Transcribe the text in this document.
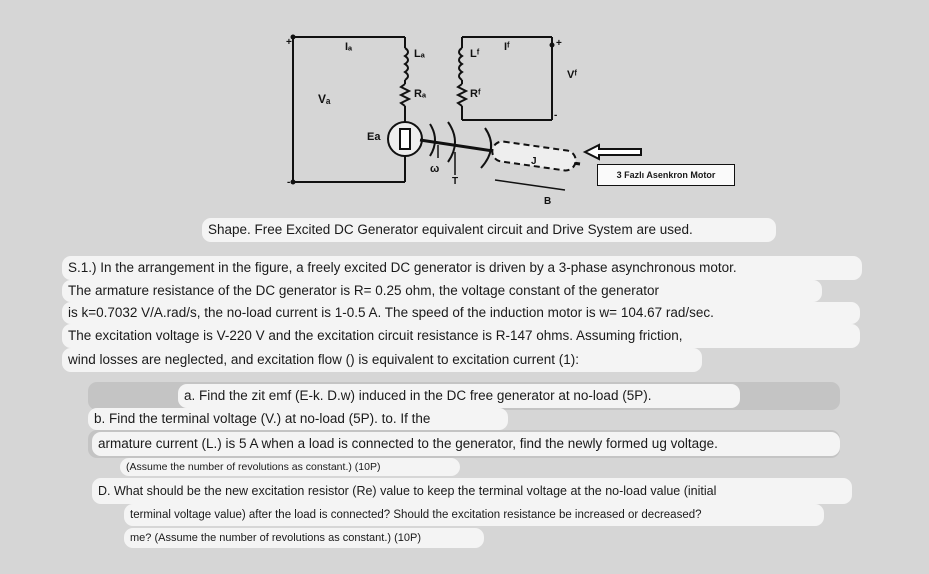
+	+
-
-
Iₐ
Lₐ
Rₐ
Vₐ
Ea
Lᶠ
Iᶠ
Rᶠ
Vᶠ
ω
T
J
B
3 Fazlı Asenkron Motor
Shape. Free Excited DC Generator equivalent circuit and Drive System are used.
S.1.) In the arrangement in the figure, a freely excited DC generator is driven by a 3-phase asynchronous motor.
The armature resistance of the DC generator is R= 0.25 ohm, the voltage constant of the generator
is k=0.7032 V/A.rad/s, the no-load current is 1-0.5 A. The speed of the induction motor is w= 104.67 rad/sec.
The excitation voltage is V-220 V and the excitation circuit resistance is R-147 ohms. Assuming friction,
wind losses are neglected, and excitation flow () is equivalent to excitation current (1):
a. Find the zit emf (E-k. D.w) induced in the DC free generator at no-load (5P).
b. Find the terminal voltage (V.) at no-load (5P). to. If the
armature current (L.) is 5 A when a load is connected to the generator, find the newly formed ug voltage.
(Assume the number of revolutions as constant.) (10P)
D. What should be the new excitation resistor (Re) value to keep the terminal voltage at the no-load value (initial
terminal voltage value) after the load is connected? Should the excitation resistance be increased or decreased?
me? (Assume the number of revolutions as constant.) (10P)
